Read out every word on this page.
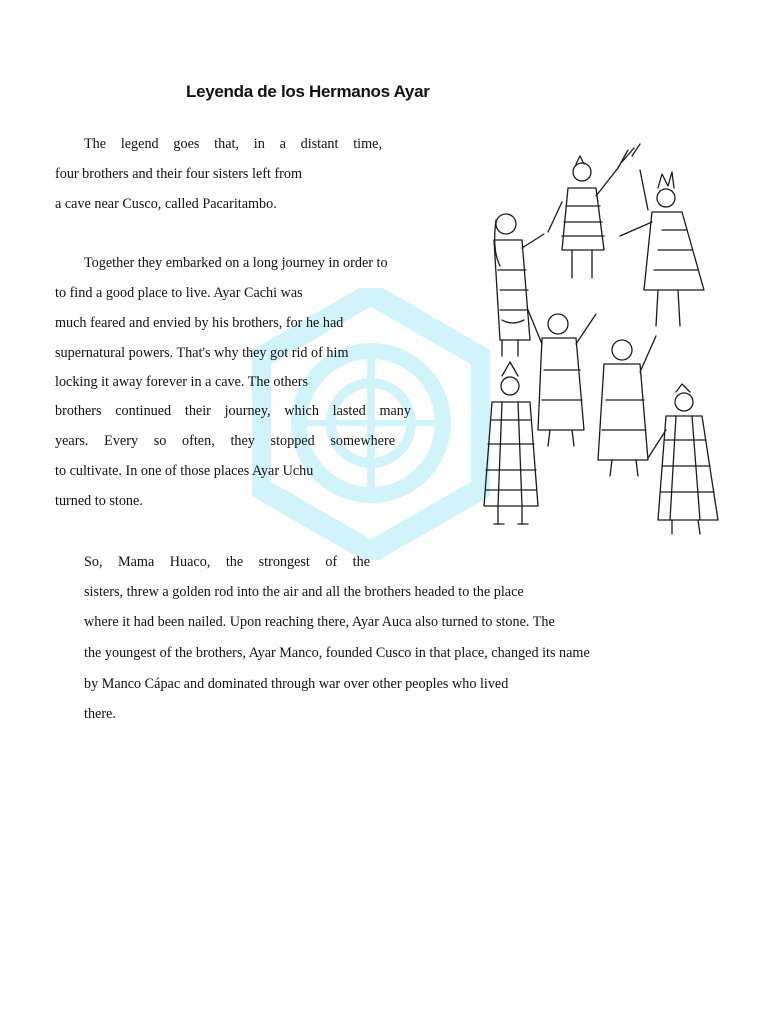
Leyenda de los Hermanos Ayar
The legend goes that, in a distant time,
four brothers and their four sisters left from
a cave near Cusco, called Pacaritambo.
Together they embarked on a long journey in order to
to find a good place to live. Ayar Cachi was
much feared and envied by his brothers, for he had
supernatural powers. That's why they got rid of him
locking it away forever in a cave. The others
brothers continued their journey, which lasted many
years. Every so often, they stopped somewhere
to cultivate. In one of those places Ayar Uchu
turned to stone.
So, Mama Huaco, the strongest of the
sisters, threw a golden rod into the air and all the brothers headed to the place
where it had been nailed. Upon reaching there, Ayar Auca also turned to stone. The
the youngest of the brothers, Ayar Manco, founded Cusco in that place, changed its name
by Manco Cápac and dominated through war over other peoples who lived
there.
